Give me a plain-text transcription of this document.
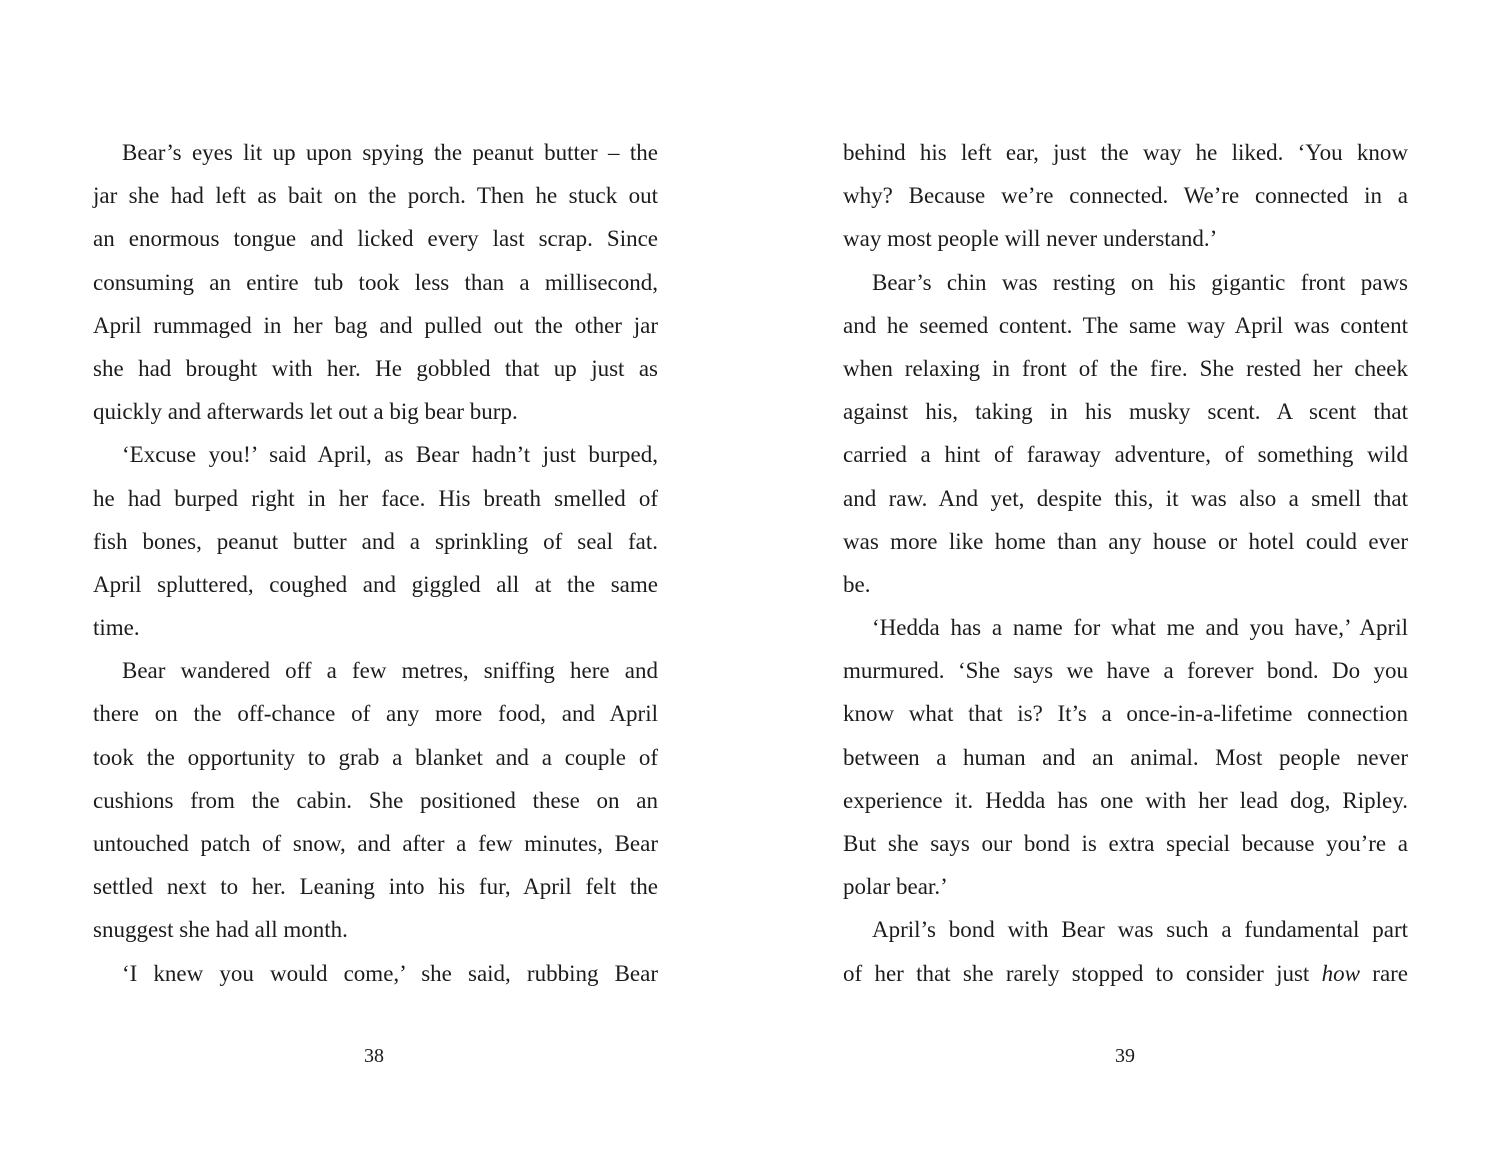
Bear’s eyes lit up upon spying the peanut butter – the
jar she had left as bait on the porch. Then he stuck out
an enormous tongue and licked every last scrap. Since
consuming an entire tub took less than a millisecond,
April rummaged in her bag and pulled out the other jar
she had brought with her. He gobbled that up just as
quickly and afterwards let out a big bear burp.
‘Excuse you!’ said April, as Bear hadn’t just burped,
he had burped right in her face. His breath smelled of
fish bones, peanut butter and a sprinkling of seal fat.
April spluttered, coughed and giggled all at the same
time.
Bear wandered off a few metres, sniffing here and
there on the off-chance of any more food, and April
took the opportunity to grab a blanket and a couple of
cushions from the cabin. She positioned these on an
untouched patch of snow, and after a few minutes, Bear
settled next to her. Leaning into his fur, April felt the
snuggest she had all month.
‘I knew you would come,’ she said, rubbing Bear
behind his left ear, just the way he liked. ‘You know
why? Because we’re connected. We’re connected in a
way most people will never understand.’
Bear’s chin was resting on his gigantic front paws
and he seemed content. The same way April was content
when relaxing in front of the fire. She rested her cheek
against his, taking in his musky scent. A scent that
carried a hint of faraway adventure, of something wild
and raw. And yet, despite this, it was also a smell that
was more like home than any house or hotel could ever
be.
‘Hedda has a name for what me and you have,’ April
murmured. ‘She says we have a forever bond. Do you
know what that is? It’s a once-in-a-lifetime connection
between a human and an animal. Most people never
experience it. Hedda has one with her lead dog, Ripley.
But she says our bond is extra special because you’re a
polar bear.’
April’s bond with Bear was such a fundamental part
of her that she rarely stopped to consider just how rare
38	39
